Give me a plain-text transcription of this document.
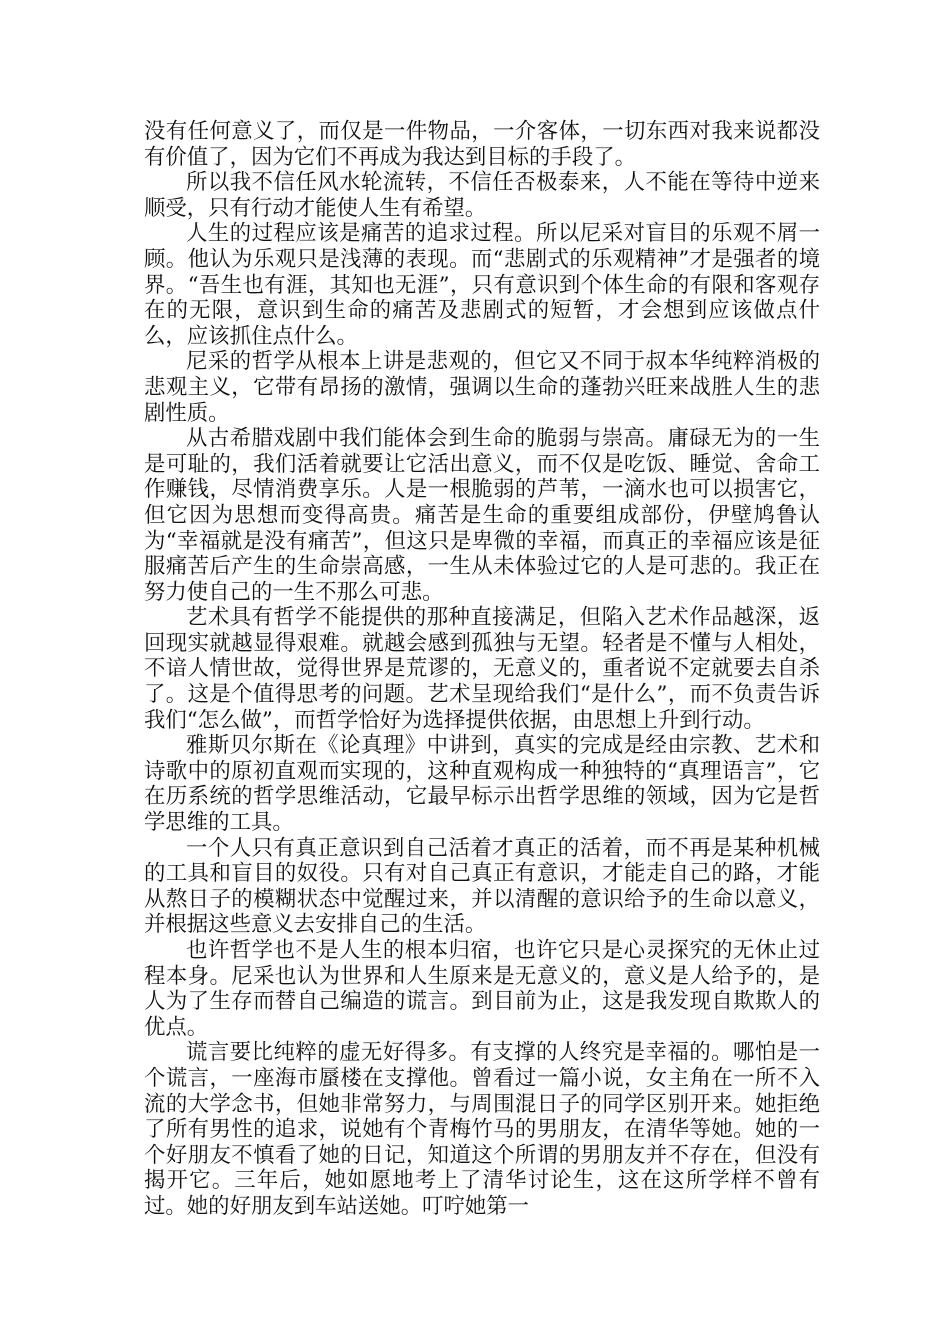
没有任何意义了，而仅是一件物品，一介客体，一切东西对我来说都没有价值了，因为它们不再成为我达到目标的手段了。

所以我不信任风水轮流转，不信任否极泰来，人不能在等待中逆来顺受，只有行动才能使人生有希望。

人生的过程应该是痛苦的追求过程。所以尼采对盲目的乐观不屑一顾。他认为乐观只是浅薄的表现。而“悲剧式的乐观精神”才是强者的境界。“吾生也有涯，其知也无涯”，只有意识到个体生命的有限和客观存在的无限，意识到生命的痛苦及悲剧式的短暂，才会想到应该做点什么，应该抓住点什么。

尼采的哲学从根本上讲是悲观的，但它又不同于叔本华纯粹消极的悲观主义，它带有昂扬的激情，强调以生命的蓬勃兴旺来战胜人生的悲剧性质。

从古希腊戏剧中我们能体会到生命的脆弱与崇高。庸碌无为的一生是可耻的，我们活着就要让它活出意义，而不仅是吃饭、睡觉、舍命工作赚钱，尽情消费享乐。人是一根脆弱的芦苇，一滴水也可以损害它，但它因为思想而变得高贵。痛苦是生命的重要组成部份，伊壁鸠鲁认为“幸福就是没有痛苦”，但这只是卑微的幸福，而真正的幸福应该是征服痛苦后产生的生命崇高感，一生从未体验过它的人是可悲的。我正在努力使自己的一生不那么可悲。

艺术具有哲学不能提供的那种直接满足，但陷入艺术作品越深，返回现实就越显得艰难。就越会感到孤独与无望。轻者是不懂与人相处，不谙人情世故，觉得世界是荒谬的，无意义的，重者说不定就要去自杀了。这是个值得思考的问题。艺术呈现给我们“是什么”，而不负责告诉我们“怎么做”，而哲学恰好为选择提供依据，由思想上升到行动。

雅斯贝尔斯在《论真理》中讲到，真实的完成是经由宗教、艺术和诗歌中的原初直观而实现的，这种直观构成一种独特的“真理语言”，它在历系统的哲学思维活动，它最早标示出哲学思维的领域，因为它是哲学思维的工具。

一个人只有真正意识到自己活着才真正的活着，而不再是某种机械的工具和盲目的奴役。只有对自己真正有意识，才能走自己的路，才能从熬日子的模糊状态中觉醒过来，并以清醒的意识给予的生命以意义，并根据这些意义去安排自己的生活。

也许哲学也不是人生的根本归宿，也许它只是心灵探究的无休止过程本身。尼采也认为世界和人生原来是无意义的，意义是人给予的，是人为了生存而替自己编造的谎言。到目前为止，这是我发现自欺欺人的优点。

谎言要比纯粹的虚无好得多。有支撑的人终究是幸福的。哪怕是一个谎言，一座海市蜃楼在支撑他。曾看过一篇小说，女主角在一所不入流的大学念书，但她非常努力，与周围混日子的同学区别开来。她拒绝了所有男性的追求，说她有个青梅竹马的男朋友，在清华等她。她的一个好朋友不慎看了她的日记，知道这个所谓的男朋友并不存在，但没有揭开它。三年后，她如愿地考上了清华讨论生，这在这所学样不曾有过。她的好朋友到车站送她。叮咛她第一
